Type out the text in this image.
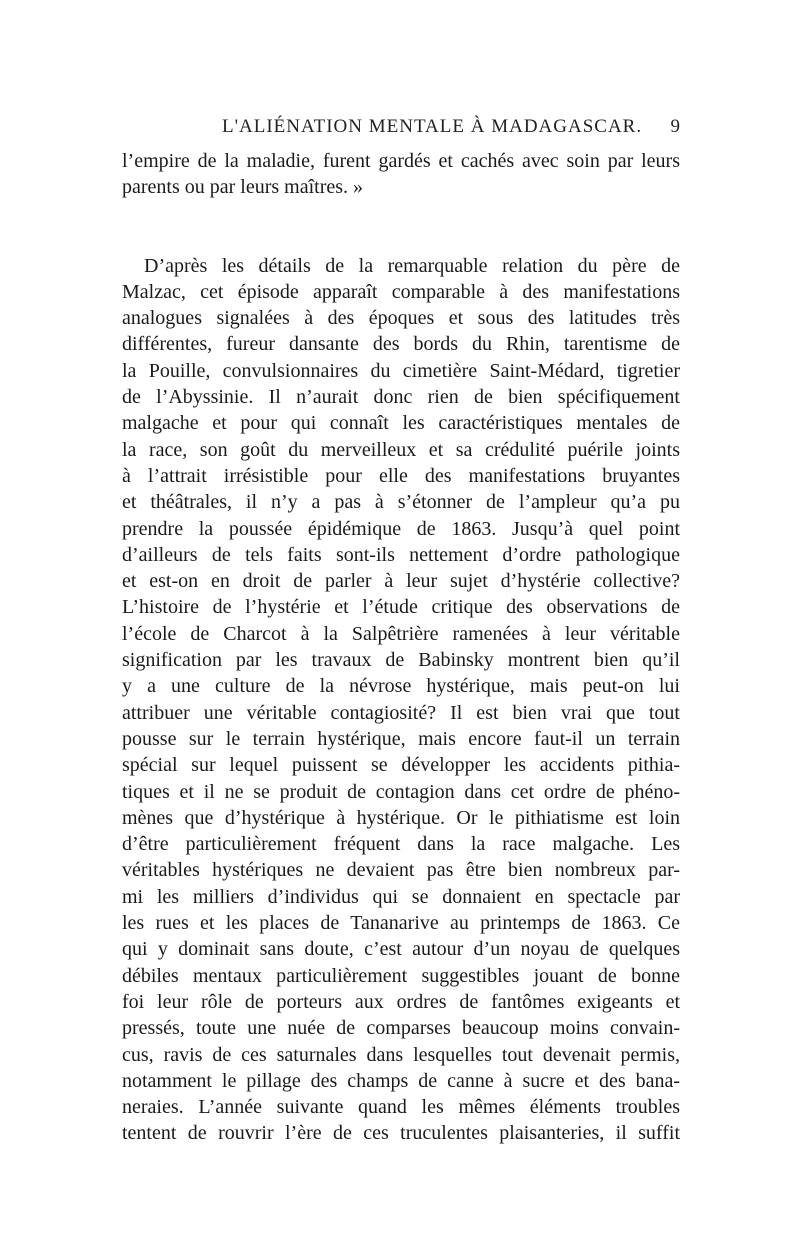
L'ALIÉNATION MENTALE À MADAGASCAR. 9

l’empire de la maladie, furent gardés et cachés avec soin par leurs
parents ou par leurs maîtres. »

D’après les détails de la remarquable relation du père de
Malzac, cet épisode apparaît comparable à des manifestations
analogues signalées à des époques et sous des latitudes très
différentes, fureur dansante des bords du Rhin, tarentisme de
la Pouille, convulsionnaires du cimetière Saint-Médard, tigretier
de l’Abyssinie. Il n’aurait donc rien de bien spécifiquement
malgache et pour qui connaît les caractéristiques mentales de
la race, son goût du merveilleux et sa crédulité puérile joints
à l’attrait irrésistible pour elle des manifestations bruyantes
et théâtrales, il n’y a pas à s’étonner de l’ampleur qu’a pu
prendre la poussée épidémique de 1863. Jusqu’à quel point
d’ailleurs de tels faits sont-ils nettement d’ordre pathologique
et est-on en droit de parler à leur sujet d’hystérie collective?
L’histoire de l’hystérie et l’étude critique des observations de
l’école de Charcot à la Salpêtrière ramenées à leur véritable
signification par les travaux de Babinsky montrent bien qu’il
y a une culture de la névrose hystérique, mais peut-on lui
attribuer une véritable contagiosité? Il est bien vrai que tout
pousse sur le terrain hystérique, mais encore faut-il un terrain
spécial sur lequel puissent se développer les accidents pithia-
tiques et il ne se produit de contagion dans cet ordre de phéno-
mènes que d’hystérique à hystérique. Or le pithiatisme est loin
d’être particulièrement fréquent dans la race malgache. Les
véritables hystériques ne devaient pas être bien nombreux par-
mi les milliers d’individus qui se donnaient en spectacle par
les rues et les places de Tananarive au printemps de 1863. Ce
qui y dominait sans doute, c’est autour d’un noyau de quelques
débiles mentaux particulièrement suggestibles jouant de bonne
foi leur rôle de porteurs aux ordres de fantômes exigeants et
pressés, toute une nuée de comparses beaucoup moins convain-
cus, ravis de ces saturnales dans lesquelles tout devenait permis,
notamment le pillage des champs de canne à sucre et des bana-
neraies. L’année suivante quand les mêmes éléments troubles
tentent de rouvrir l’ère de ces truculentes plaisanteries, il suffit
